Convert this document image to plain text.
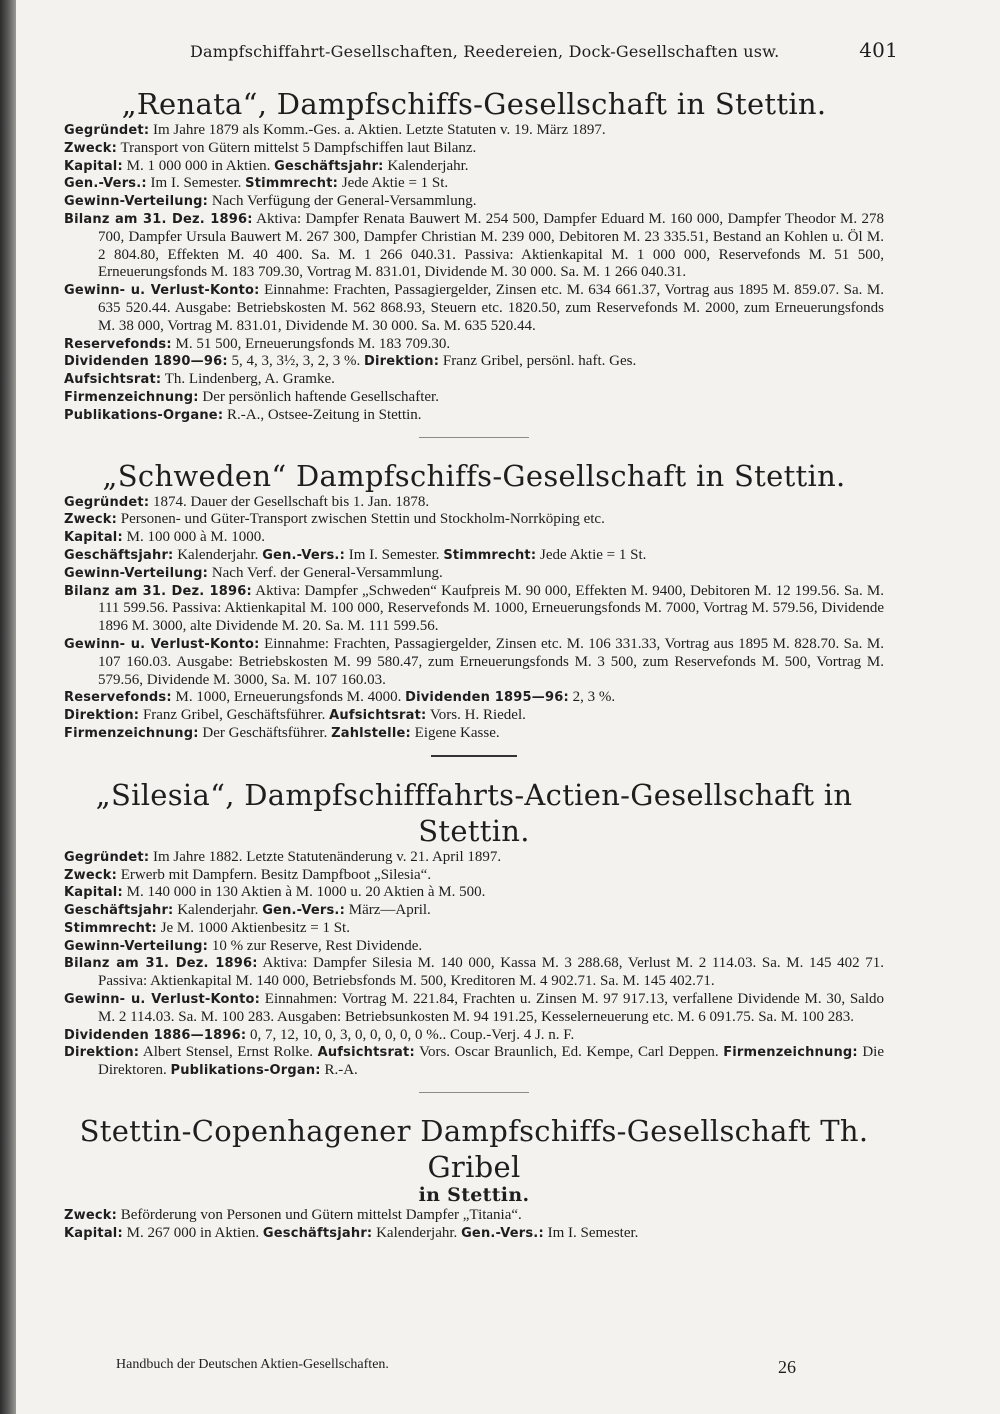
Dampfschiffahrt-Gesellschaften, Reedereien, Dock-Gesellschaften usw.	401
„Renata“, Dampfschiffs-Gesellschaft in Stettin.

Gegründet: Im Jahre 1879 als Komm.-Ges. a. Aktien. Letzte Statuten v. 19. März 1897.

Zweck: Transport von Gütern mittelst 5 Dampfschiffen laut Bilanz.

Kapital: M. 1 000 000 in Aktien. Geschäftsjahr: Kalenderjahr.

Gen.-Vers.: Im I. Semester. Stimmrecht: Jede Aktie = 1 St.

Gewinn-Verteilung: Nach Verfügung der General-Versammlung.

Bilanz am 31. Dez. 1896: Aktiva: Dampfer Renata Bauwert M. 254 500, Dampfer Eduard M. 160 000, Dampfer Theodor M. 278 700, Dampfer Ursula Bauwert M. 267 300, Dampfer Christian M. 239 000, Debitoren M. 23 335.51, Bestand an Kohlen u. Öl M. 2 804.80, Effekten M. 40 400. Sa. M. 1 266 040.31. Passiva: Aktienkapital M. 1 000 000, Reservefonds M. 51 500, Erneuerungsfonds M. 183 709.30, Vortrag M. 831.01, Dividende M. 30 000. Sa. M. 1 266 040.31.

Gewinn- u. Verlust-Konto: Einnahme: Frachten, Passagiergelder, Zinsen etc. M. 634 661.37, Vortrag aus 1895 M. 859.07. Sa. M. 635 520.44. Ausgabe: Betriebskosten M. 562 868.93, Steuern etc. 1820.50, zum Reservefonds M. 2000, zum Erneuerungsfonds M. 38 000, Vortrag M. 831.01, Dividende M. 30 000. Sa. M. 635 520.44.

Reservefonds: M. 51 500, Erneuerungsfonds M. 183 709.30.

Dividenden 1890—96: 5, 4, 3, 3½, 3, 2, 3 %. Direktion: Franz Gribel, persönl. haft. Ges.

Aufsichtsrat: Th. Lindenberg, A. Gramke.

Firmenzeichnung: Der persönlich haftende Gesellschafter.

Publikations-Organe: R.-A., Ostsee-Zeitung in Stettin.

„Schweden“ Dampfschiffs-Gesellschaft in Stettin.

Gegründet: 1874. Dauer der Gesellschaft bis 1. Jan. 1878.

Zweck: Personen- und Güter-Transport zwischen Stettin und Stockholm-Norrköping etc.

Kapital: M. 100 000 à M. 1000.

Geschäftsjahr: Kalenderjahr. Gen.-Vers.: Im I. Semester. Stimmrecht: Jede Aktie = 1 St.

Gewinn-Verteilung: Nach Verf. der General-Versammlung.

Bilanz am 31. Dez. 1896: Aktiva: Dampfer „Schweden“ Kaufpreis M. 90 000, Effekten M. 9400, Debitoren M. 12 199.56. Sa. M. 111 599.56. Passiva: Aktienkapital M. 100 000, Reservefonds M. 1000, Erneuerungsfonds M. 7000, Vortrag M. 579.56, Dividende 1896 M. 3000, alte Dividende M. 20. Sa. M. 111 599.56.

Gewinn- u. Verlust-Konto: Einnahme: Frachten, Passagiergelder, Zinsen etc. M. 106 331.33, Vortrag aus 1895 M. 828.70. Sa. M. 107 160.03. Ausgabe: Betriebskosten M. 99 580.47, zum Erneuerungsfonds M. 3 500, zum Reservefonds M. 500, Vortrag M. 579.56, Dividende M. 3000, Sa. M. 107 160.03.

Reservefonds: M. 1000, Erneuerungsfonds M. 4000. Dividenden 1895—96: 2, 3 %.

Direktion: Franz Gribel, Geschäftsführer. Aufsichtsrat: Vors. H. Riedel.

Firmenzeichnung: Der Geschäftsführer. Zahlstelle: Eigene Kasse.

„Silesia“, Dampfschifffahrts-Actien-Gesellschaft in Stettin.

Gegründet: Im Jahre 1882. Letzte Statutenänderung v. 21. April 1897.

Zweck: Erwerb mit Dampfern. Besitz Dampfboot „Silesia“.

Kapital: M. 140 000 in 130 Aktien à M. 1000 u. 20 Aktien à M. 500.

Geschäftsjahr: Kalenderjahr. Gen.-Vers.: März—April.

Stimmrecht: Je M. 1000 Aktienbesitz = 1 St.

Gewinn-Verteilung: 10 % zur Reserve, Rest Dividende.

Bilanz am 31. Dez. 1896: Aktiva: Dampfer Silesia M. 140 000, Kassa M. 3 288.68, Verlust M. 2 114.03. Sa. M. 145 402 71. Passiva: Aktienkapital M. 140 000, Betriebsfonds M. 500, Kreditoren M. 4 902.71. Sa. M. 145 402.71.

Gewinn- u. Verlust-Konto: Einnahmen: Vortrag M. 221.84, Frachten u. Zinsen M. 97 917.13, verfallene Dividende M. 30, Saldo M. 2 114.03. Sa. M. 100 283. Ausgaben: Betriebsunkosten M. 94 191.25, Kesselerneuerung etc. M. 6 091.75. Sa. M. 100 283.

Dividenden 1886—1896: 0, 7, 12, 10, 0, 3, 0, 0, 0, 0, 0 %.. Coup.-Verj. 4 J. n. F.

Direktion: Albert Stensel, Ernst Rolke. Aufsichtsrat: Vors. Oscar Braunlich, Ed. Kempe, Carl Deppen. Firmenzeichnung: Die Direktoren. Publikations-Organ: R.-A.

Stettin-Copenhagener Dampfschiffs-Gesellschaft Th. Gribel
in Stettin.

Zweck: Beförderung von Personen und Gütern mittelst Dampfer „Titania“.

Kapital: M. 267 000 in Aktien. Geschäftsjahr: Kalenderjahr. Gen.-Vers.: Im I. Semester.

Handbuch der Deutschen Aktien-Gesellschaften.	26
